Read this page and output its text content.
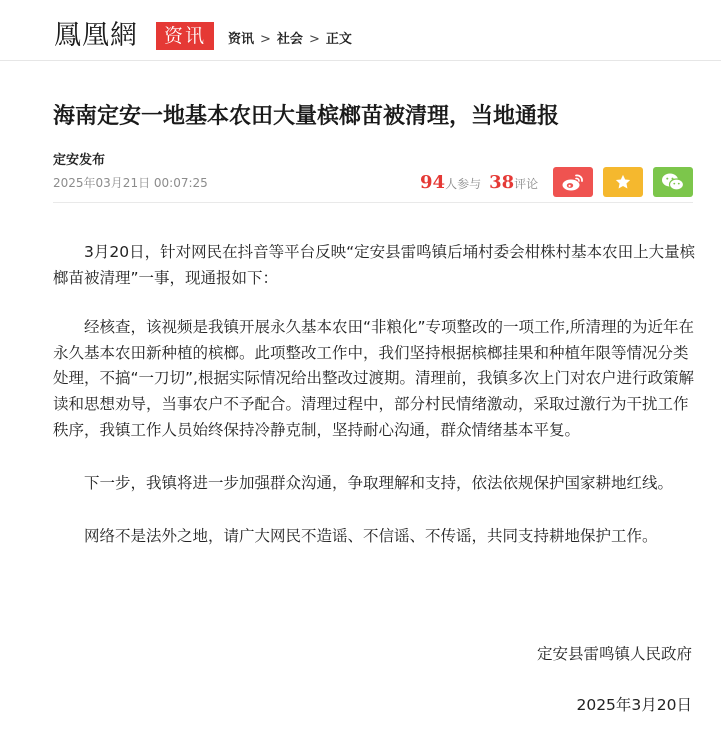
鳳凰網	资讯	资讯 > 社会 > 正文
海南定安一地基本农田大量槟榔苗被清理，当地通报
定安发布
2025年03月21日 00:07:25	94人参与 38评论

3月20日，针对网民在抖音等平台反映“定安县雷鸣镇后埇村委会柑株村基本农田上大量槟榔苗被清理”一事，现通报如下：

经核查，该视频是我镇开展永久基本农田“非粮化”专项整改的一项工作,所清理的为近年在永久基本农田新种植的槟榔。此项整改工作中，我们坚持根据槟榔挂果和种植年限等情况分类处理，不搞“一刀切”,根据实际情况给出整改过渡期。清理前，我镇多次上门对农户进行政策解读和思想劝导，当事农户不予配合。清理过程中，部分村民情绪激动，采取过激行为干扰工作秩序，我镇工作人员始终保持冷静克制，坚持耐心沟通，群众情绪基本平复。

下一步，我镇将进一步加强群众沟通，争取理解和支持，依法依规保护国家耕地红线。

网络不是法外之地，请广大网民不造谣、不信谣、不传谣，共同支持耕地保护工作。

定安县雷鸣镇人民政府
2025年3月20日
